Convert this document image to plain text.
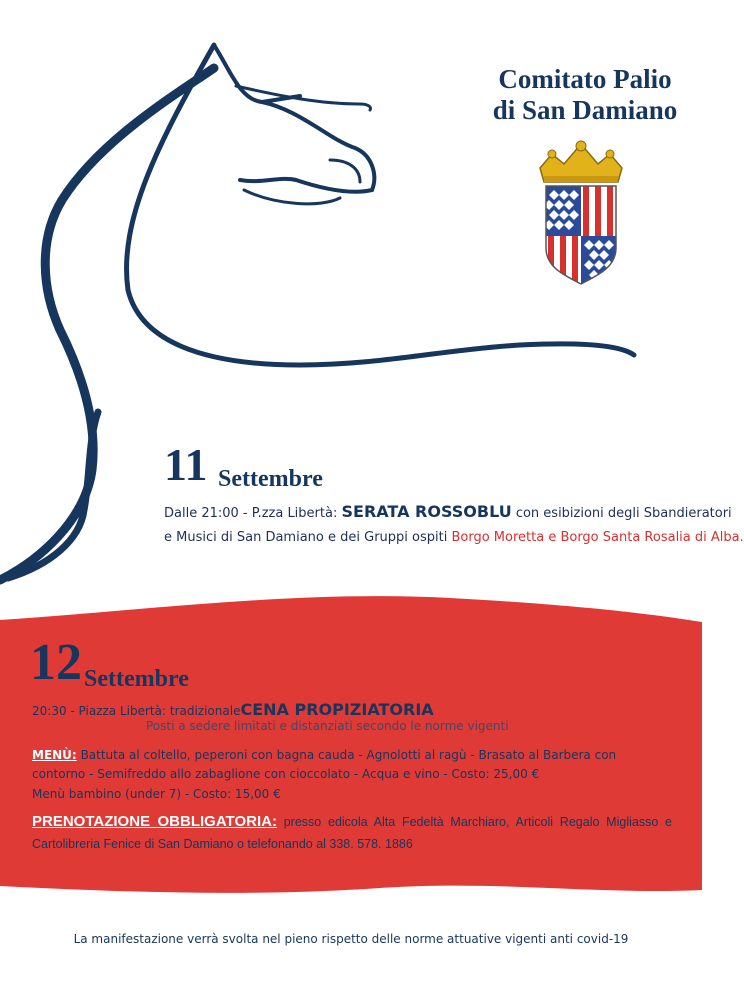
Comitato Palio
di San Damiano
11 Settembre
Dalle 21:00 - P.zza Libertà: SERATA ROSSOBLU con esibizioni degli Sbandieratori
e Musici di San Damiano e dei Gruppi ospiti Borgo Moretta e Borgo Santa Rosalia di Alba.
12 Settembre
20:30 - Piazza Libertà: tradizionaleCENA PROPIZIATORIA
Posti a sedere limitati e distanziati secondo le norme vigenti
MENÙ: Battuta al coltello, peperoni con bagna cauda - Agnolotti al ragù - Brasato al Barbera con contorno - Semifreddo allo zabaglione con cioccolato - Acqua e vino - Costo: 25,00 €
Menù bambino (under 7) - Costo: 15,00 €
PRENOTAZIONE OBBLIGATORIA: presso edicola Alta Fedeltà Marchiaro, Articoli Regalo Migliasso e Cartolibreria Fenice di San Damiano o telefonando al 338. 578. 1886
La manifestazione verrà svolta nel pieno rispetto delle norme attuative vigenti anti covid-19
